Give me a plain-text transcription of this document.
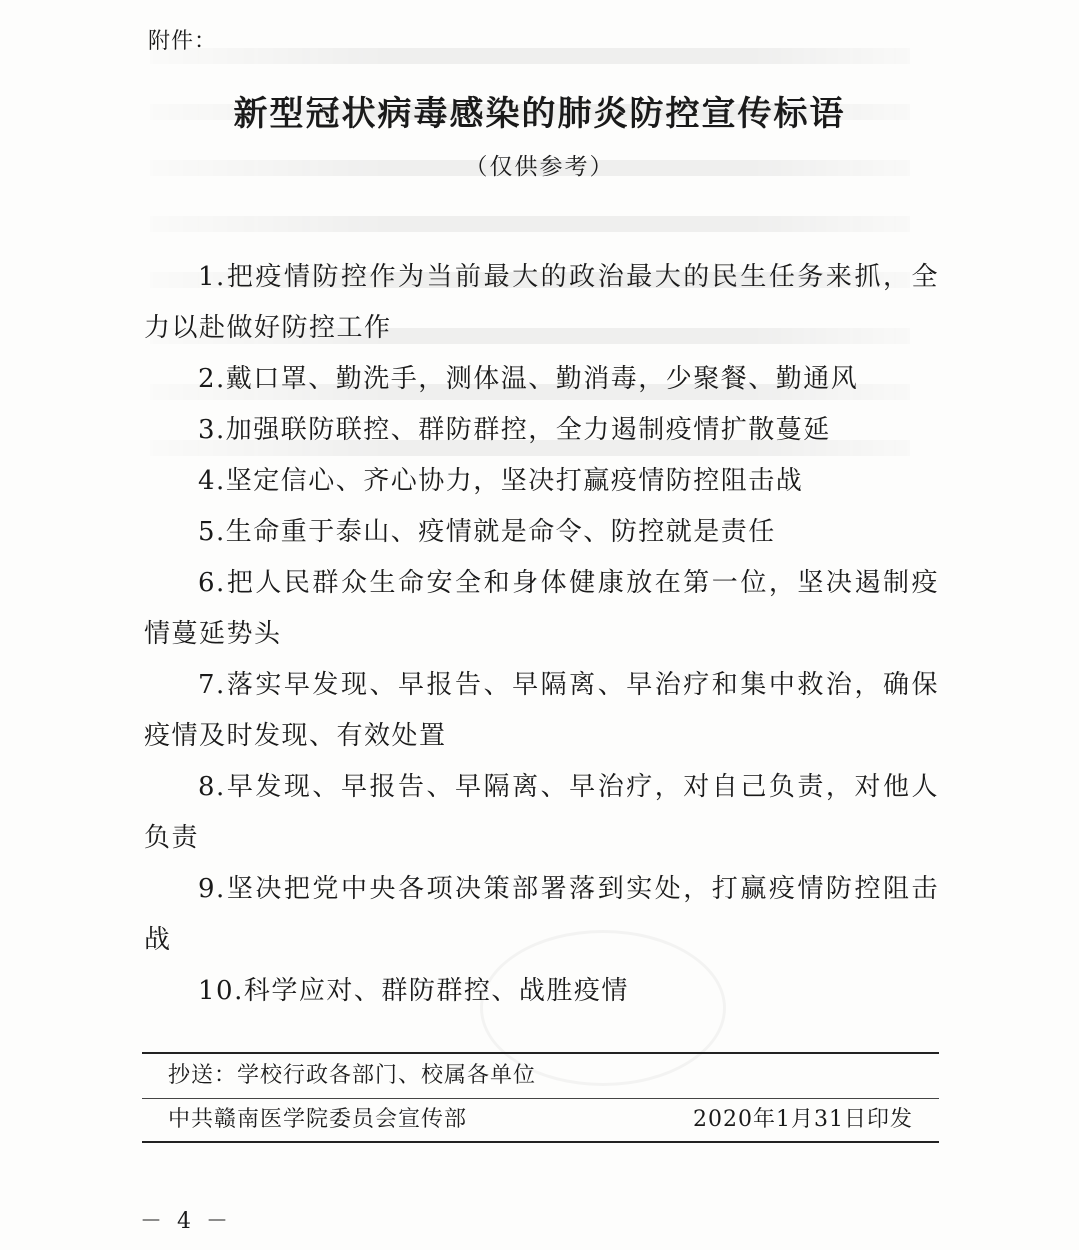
附件：
新型冠状病毒感染的肺炎防控宣传标语
（仅供参考）
1.把疫情防控作为当前最大的政治最大的民生任务来抓，全力以赴做好防控工作
2.戴口罩、勤洗手，测体温、勤消毒，少聚餐、勤通风
3.加强联防联控、群防群控，全力遏制疫情扩散蔓延
4.坚定信心、齐心协力，坚决打赢疫情防控阻击战
5.生命重于泰山、疫情就是命令、防控就是责任
6.把人民群众生命安全和身体健康放在第一位，坚决遏制疫情蔓延势头
7.落实早发现、早报告、早隔离、早治疗和集中救治，确保疫情及时发现、有效处置
8.早发现、早报告、早隔离、早治疗，对自己负责，对他人负责
9.坚决把党中央各项决策部署落到实处，打赢疫情防控阻击战
10.科学应对、群防群控、战胜疫情
抄送：学校行政各部门、校属各单位
中共赣南医学院委员会宣传部	2020年1月31日印发
－ 4 －
